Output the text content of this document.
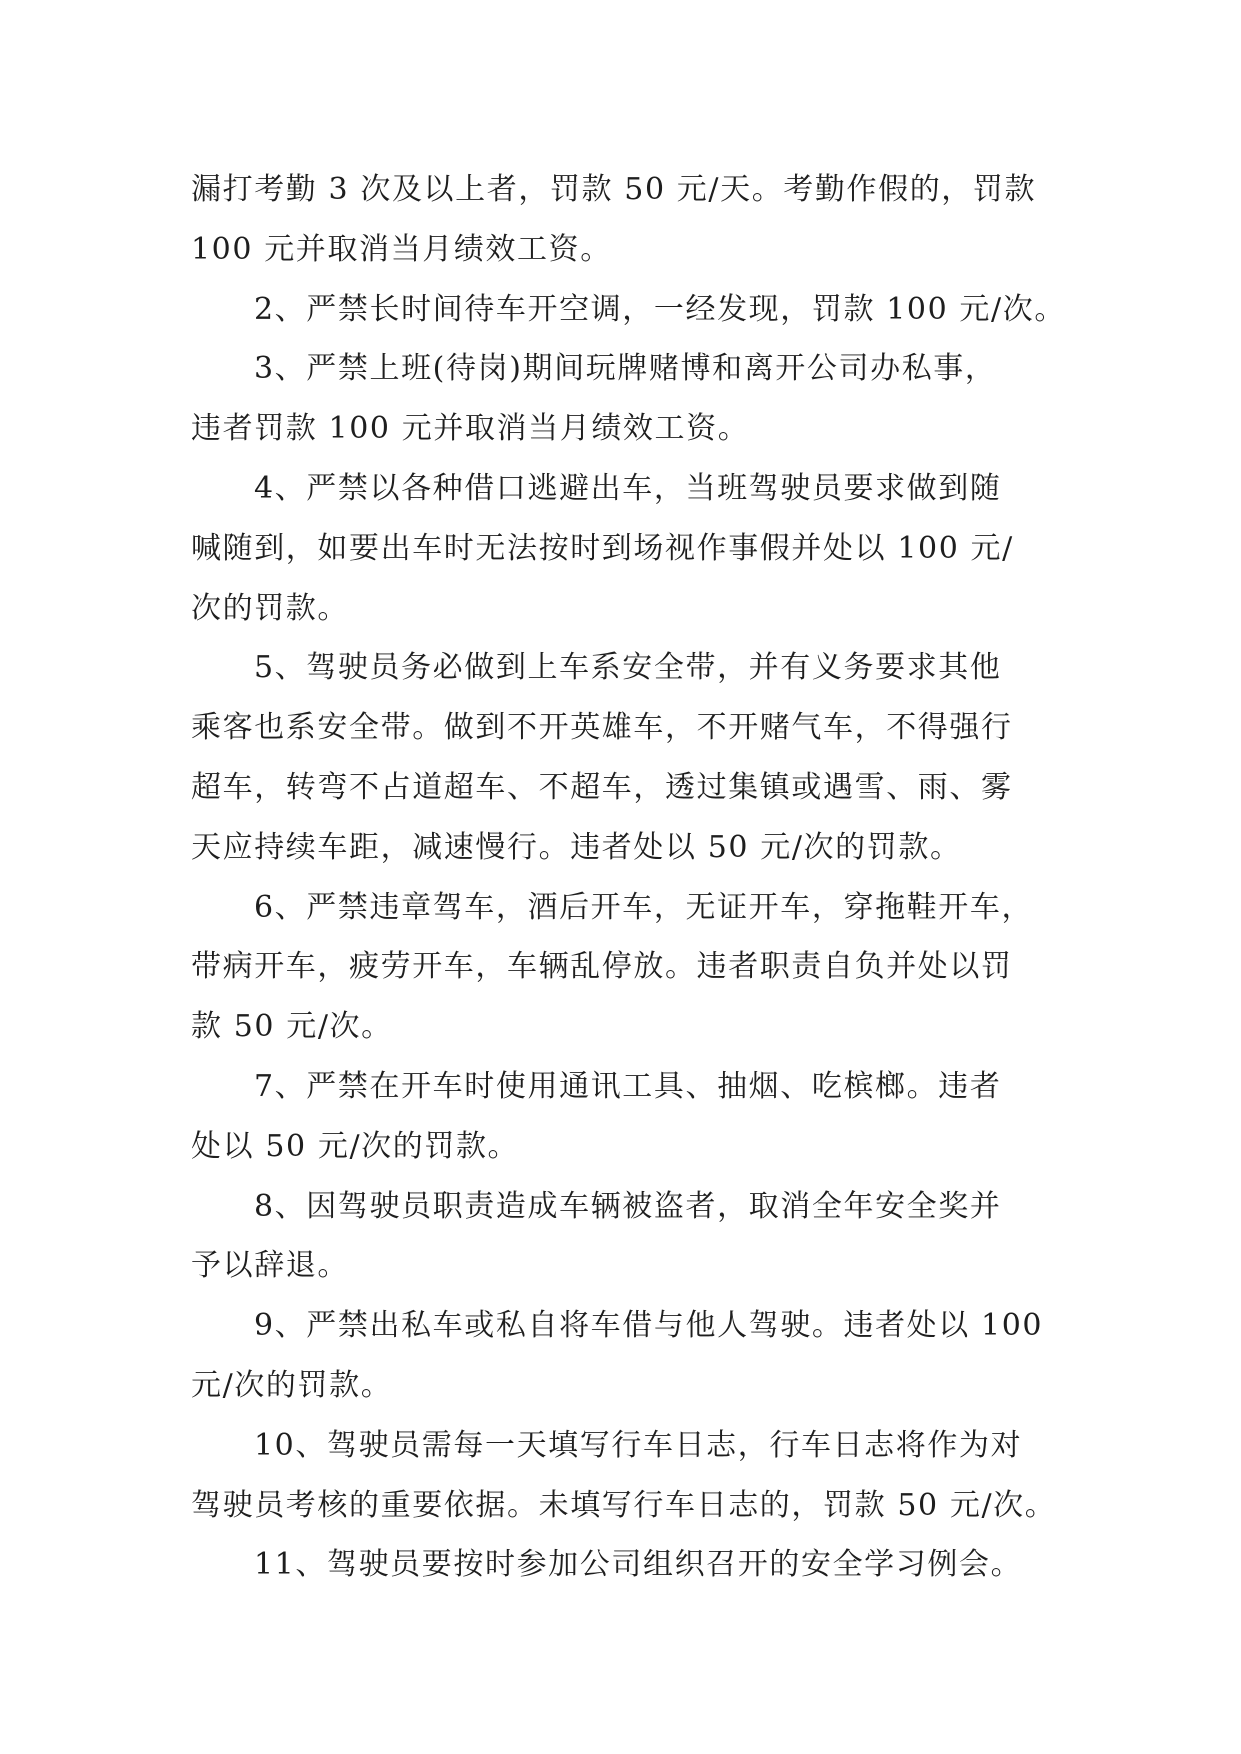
漏打考勤 3 次及以上者，罚款 50 元/天。考勤作假的，罚款
100 元并取消当月绩效工资。
2、严禁长时间待车开空调，一经发现，罚款 100 元/次。
3、严禁上班(待岗)期间玩牌赌博和离开公司办私事，
违者罚款 100 元并取消当月绩效工资。
4、严禁以各种借口逃避出车，当班驾驶员要求做到随
喊随到，如要出车时无法按时到场视作事假并处以 100 元/
次的罚款。
5、驾驶员务必做到上车系安全带，并有义务要求其他
乘客也系安全带。做到不开英雄车，不开赌气车，不得强行
超车，转弯不占道超车、不超车，透过集镇或遇雪、雨、雾
天应持续车距，减速慢行。违者处以 50 元/次的罚款。
6、严禁违章驾车，酒后开车，无证开车，穿拖鞋开车，
带病开车，疲劳开车，车辆乱停放。违者职责自负并处以罚
款 50 元/次。
7、严禁在开车时使用通讯工具、抽烟、吃槟榔。违者
处以 50 元/次的罚款。
8、因驾驶员职责造成车辆被盗者，取消全年安全奖并
予以辞退。
9、严禁出私车或私自将车借与他人驾驶。违者处以 100
元/次的罚款。
10、驾驶员需每一天填写行车日志，行车日志将作为对
驾驶员考核的重要依据。未填写行车日志的，罚款 50 元/次。
11、驾驶员要按时参加公司组织召开的安全学习例会。
